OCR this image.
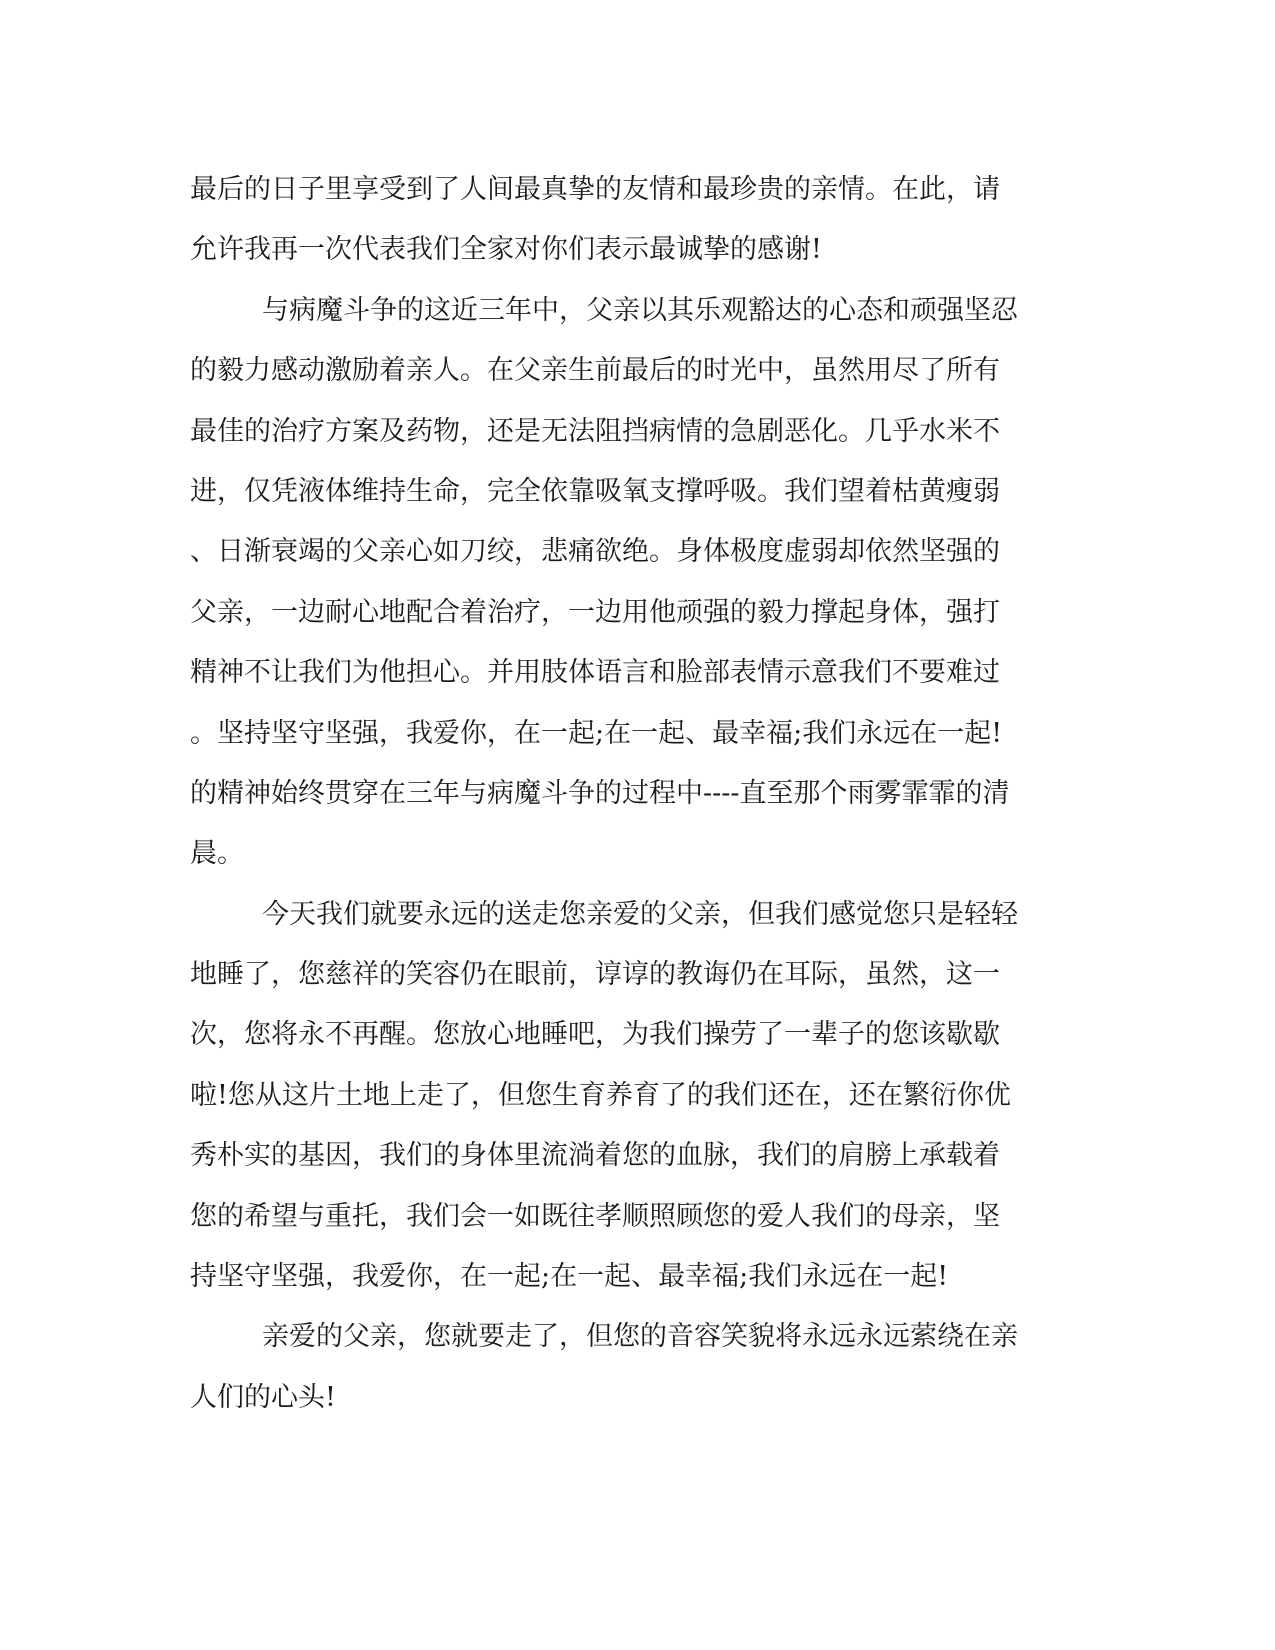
最后的日子里享受到了人间最真挚的友情和最珍贵的亲情。在此，请
允许我再一次代表我们全家对你们表示最诚挚的感谢!
与病魔斗争的这近三年中，父亲以其乐观豁达的心态和顽强坚忍
的毅力感动激励着亲人。在父亲生前最后的时光中，虽然用尽了所有
最佳的治疗方案及药物，还是无法阻挡病情的急剧恶化。几乎水米不
进，仅凭液体维持生命，完全依靠吸氧支撑呼吸。我们望着枯黄瘦弱
、日渐衰竭的父亲心如刀绞，悲痛欲绝。身体极度虚弱却依然坚强的
父亲，一边耐心地配合着治疗，一边用他顽强的毅力撑起身体，强打
精神不让我们为他担心。并用肢体语言和脸部表情示意我们不要难过
。坚持坚守坚强，我爱你，在一起;在一起、最幸福;我们永远在一起!
的精神始终贯穿在三年与病魔斗争的过程中----直至那个雨雾霏霏的清
晨。
今天我们就要永远的送走您亲爱的父亲，但我们感觉您只是轻轻
地睡了，您慈祥的笑容仍在眼前，谆谆的教诲仍在耳际，虽然，这一
次，您将永不再醒。您放心地睡吧，为我们操劳了一辈子的您该歇歇
啦!您从这片土地上走了，但您生育养育了的我们还在，还在繁衍你优
秀朴实的基因，我们的身体里流淌着您的血脉，我们的肩膀上承载着
您的希望与重托，我们会一如既往孝顺照顾您的爱人我们的母亲，坚
持坚守坚强，我爱你，在一起;在一起、最幸福;我们永远在一起!
亲爱的父亲，您就要走了，但您的音容笑貌将永远永远萦绕在亲
人们的心头!
